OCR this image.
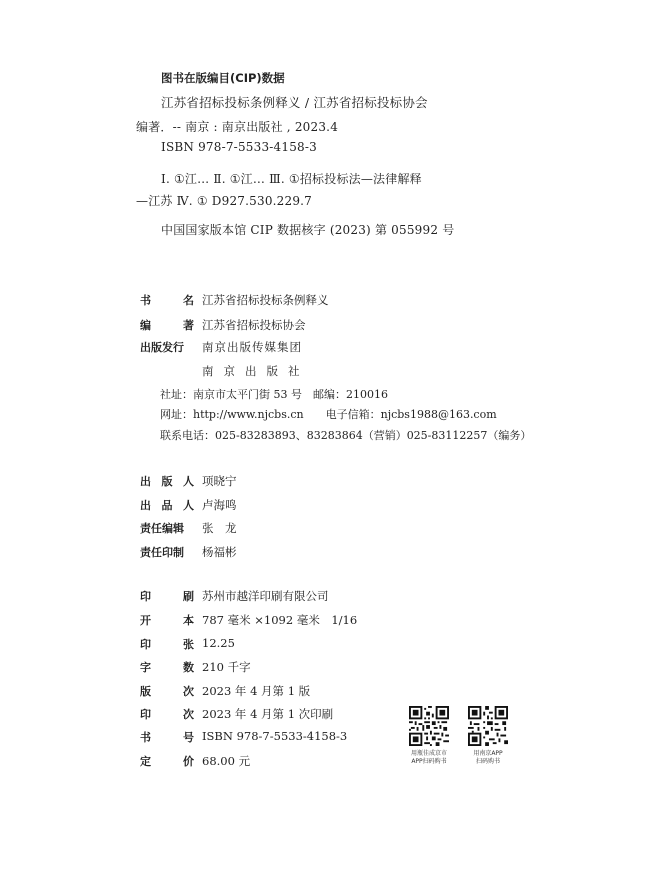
图书在版编目(CIP)数据
江苏省招标投标条例释义 / 江苏省招标投标协会
编著．-- 南京 : 南京出版社 , 2023.4
ISBN 978-7-5533-4158-3
Ⅰ. ①江… Ⅱ. ①江… Ⅲ. ①招标投标法—法律解释
—江苏 Ⅳ. ① D927.530.229.7
中国国家版本馆 CIP 数据核字 (2023) 第 055992 号
书	名 江苏省招标投标条例释义
编	著 江苏省招标投标协会
出版发行 南京出版传媒集团
南京出版社
社址：南京市太平门街 53 号　邮编：210016
网址：http://www.njcbs.cn　　电子信箱：njcbs1988@163.com
联系电话：025-83283893、83283864（营销）025-83112257（编务）
出 版 人 项晓宁
出 品 人 卢海鸣
责任编辑 张　龙
责任印制 杨福彬
印	刷 苏州市越洋印刷有限公司
开	本 787 毫米 ×1092 毫米　1/16
印	张 12.25
字	数 210 千字
版	次 2023 年 4 月第 1 版
印	次 2023 年 4 月第 1 次印刷
书	号 ISBN 978-7-5533-4158-3
定	价 68.00 元
用瓶佳成京市
APP扫码购书
用南京APP
扫码购书
